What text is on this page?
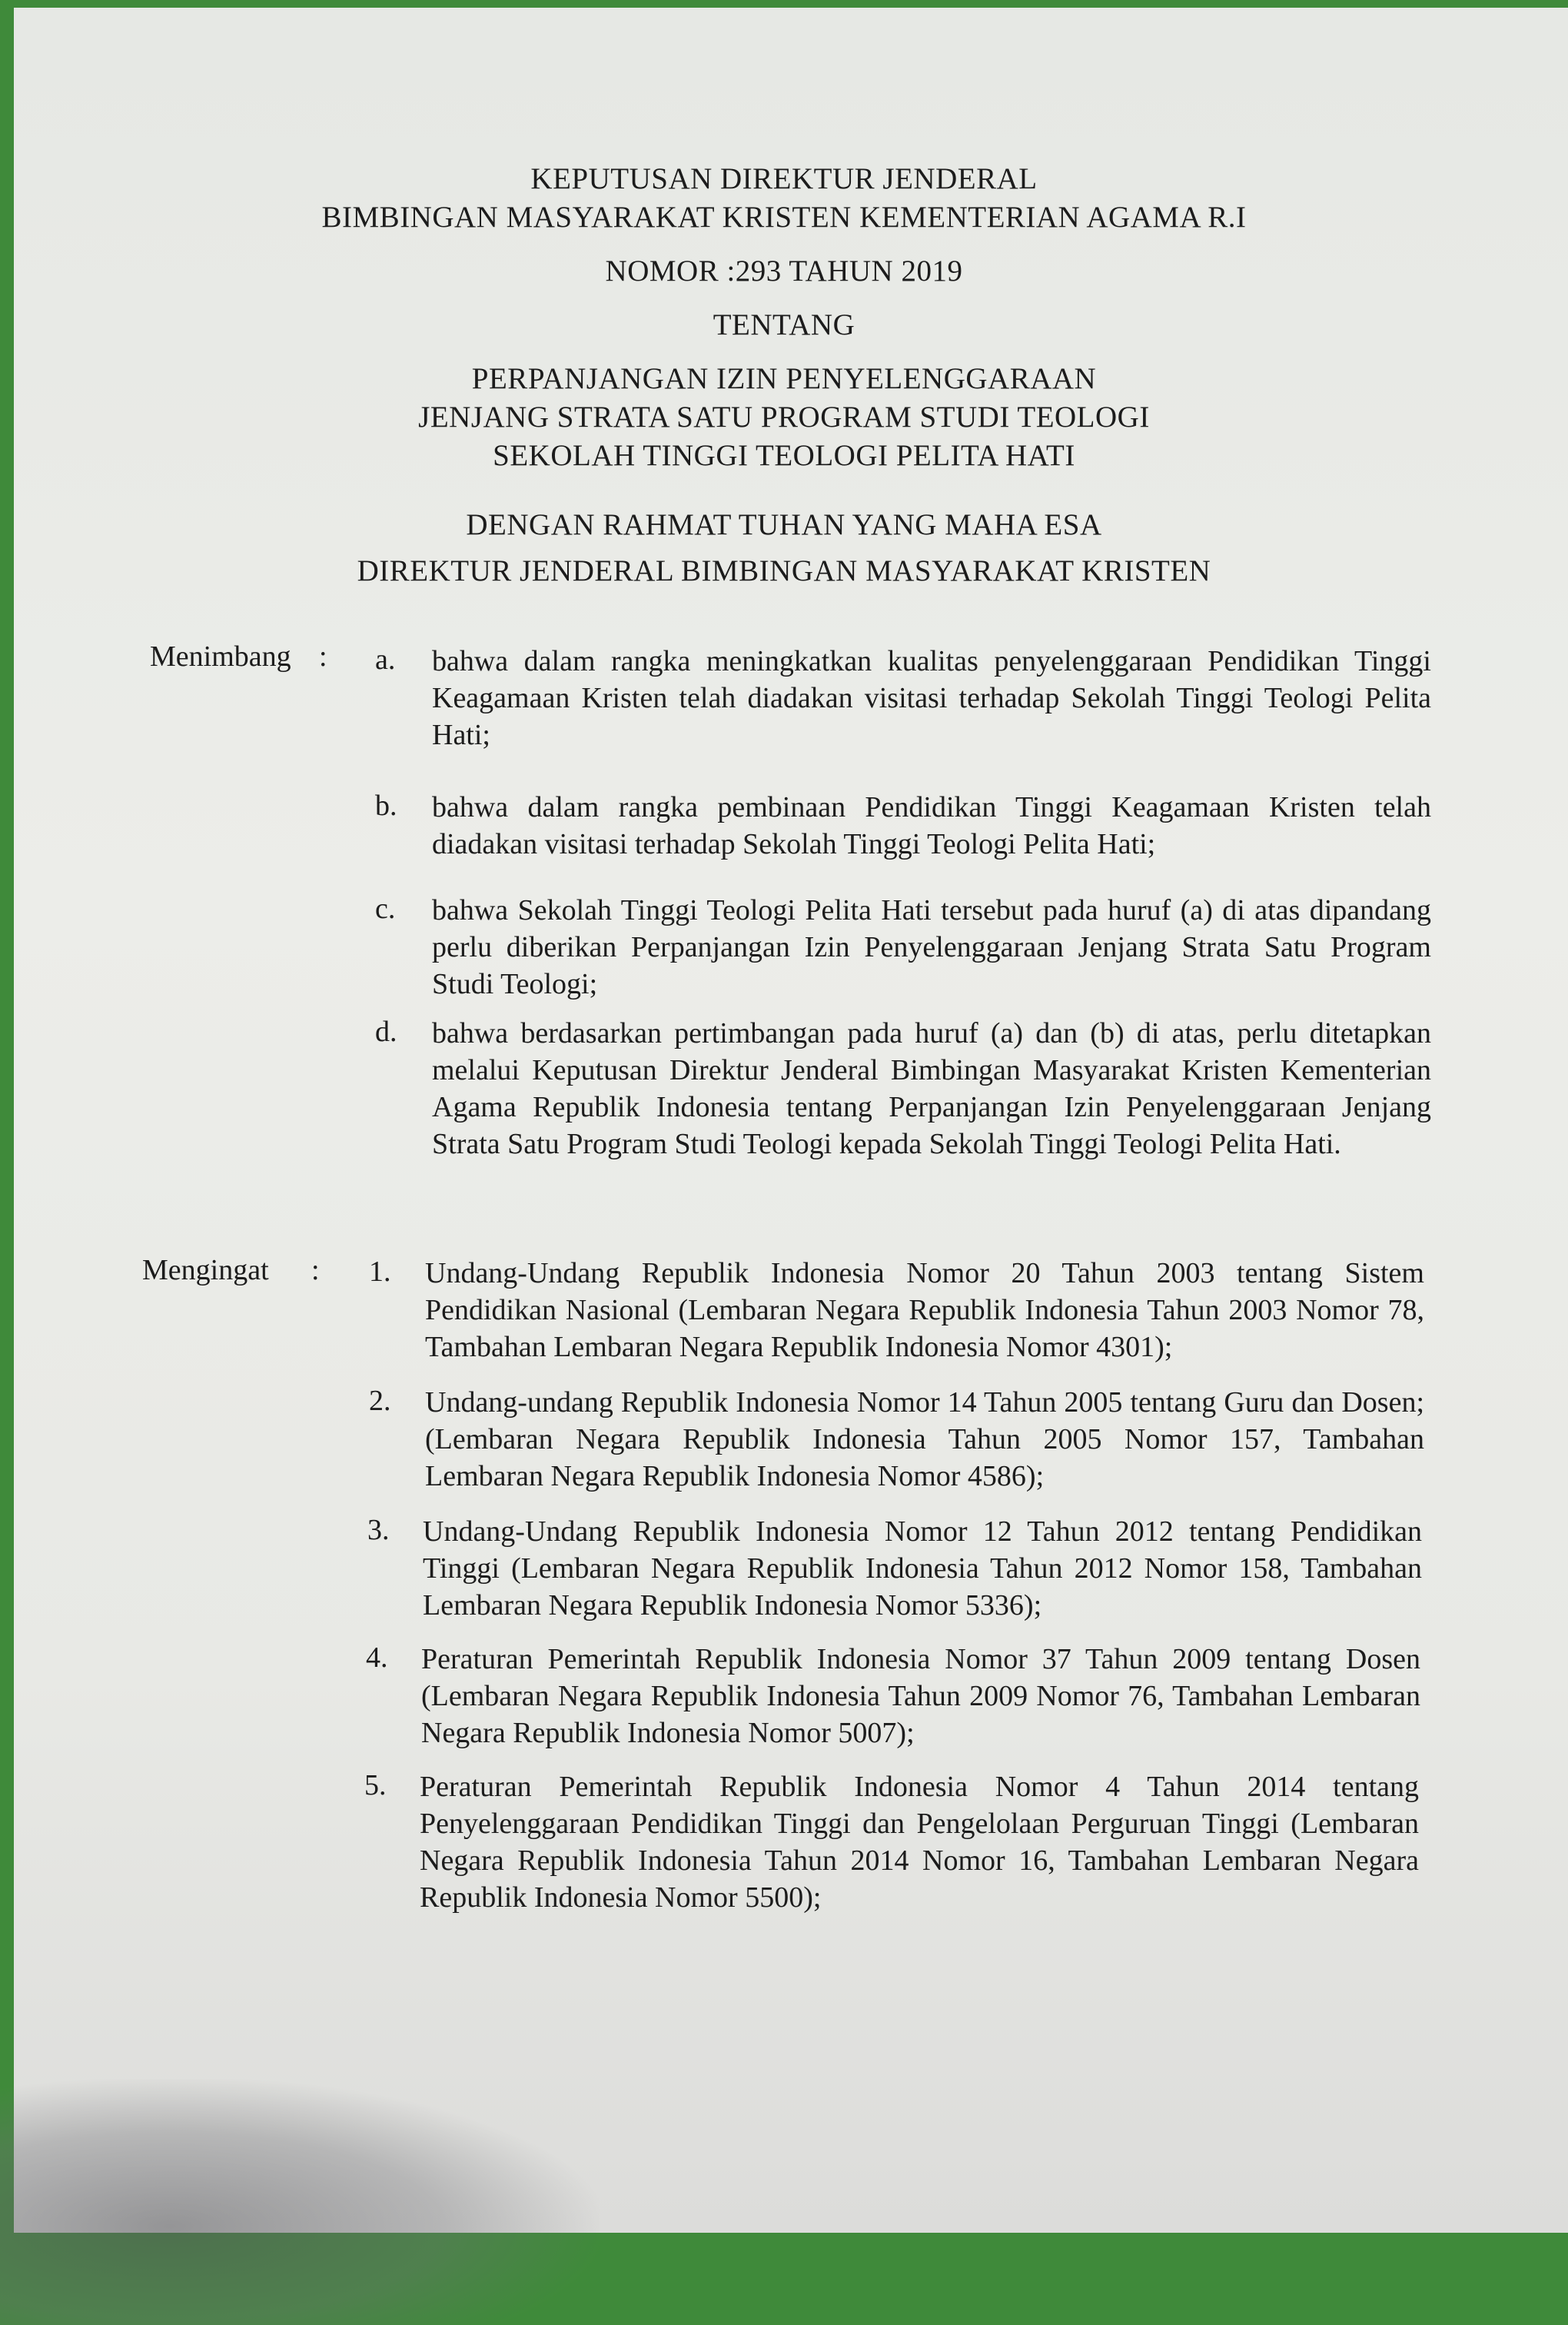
KEPUTUSAN DIREKTUR JENDERAL
BIMBINGAN MASYARAKAT KRISTEN KEMENTERIAN AGAMA R.I
NOMOR :293 TAHUN 2019
TENTANG
PERPANJANGAN IZIN PENYELENGGARAAN
JENJANG STRATA SATU PROGRAM STUDI TEOLOGI
SEKOLAH TINGGI TEOLOGI PELITA HATI
DENGAN RAHMAT TUHAN YANG MAHA ESA
DIREKTUR JENDERAL BIMBINGAN MASYARAKAT KRISTEN
Menimbang : a. bahwa dalam rangka meningkatkan kualitas penyelenggaraan Pendidikan Tinggi Keagamaan Kristen telah diadakan visitasi terhadap Sekolah Tinggi Teologi Pelita Hati;
b. bahwa dalam rangka pembinaan Pendidikan Tinggi Keagamaan Kristen telah diadakan visitasi terhadap Sekolah Tinggi Teologi Pelita Hati;
c. bahwa Sekolah Tinggi Teologi Pelita Hati tersebut pada huruf (a) di atas dipandang perlu diberikan Perpanjangan Izin Penyelenggaraan Jenjang Strata Satu Program Studi Teologi;
d. bahwa berdasarkan pertimbangan pada huruf (a) dan (b) di atas, perlu ditetapkan melalui Keputusan Direktur Jenderal Bimbingan Masyarakat Kristen Kementerian Agama Republik Indonesia tentang Perpanjangan Izin Penyelenggaraan Jenjang Strata Satu Program Studi Teologi kepada Sekolah Tinggi Teologi Pelita Hati.
Mengingat : 1. Undang-Undang Republik Indonesia Nomor 20 Tahun 2003 tentang Sistem Pendidikan Nasional (Lembaran Negara Republik Indonesia Tahun 2003 Nomor 78, Tambahan Lembaran Negara Republik Indonesia Nomor 4301);
2. Undang-undang Republik Indonesia Nomor 14 Tahun 2005 tentang Guru dan Dosen; (Lembaran Negara Republik Indonesia Tahun 2005 Nomor 157, Tambahan Lembaran Negara Republik Indonesia Nomor 4586);
3. Undang-Undang Republik Indonesia Nomor 12 Tahun 2012 tentang Pendidikan Tinggi (Lembaran Negara Republik Indonesia Tahun 2012 Nomor 158, Tambahan Lembaran Negara Republik Indonesia Nomor 5336);
4. Peraturan Pemerintah Republik Indonesia Nomor 37 Tahun 2009 tentang Dosen (Lembaran Negara Republik Indonesia Tahun 2009 Nomor 76, Tambahan Lembaran Negara Republik Indonesia Nomor 5007);
5. Peraturan Pemerintah Republik Indonesia Nomor 4 Tahun 2014 tentang Penyelenggaraan Pendidikan Tinggi dan Pengelolaan Perguruan Tinggi (Lembaran Negara Republik Indonesia Tahun 2014 Nomor 16, Tambahan Lembaran Negara Republik Indonesia Nomor 5500);
